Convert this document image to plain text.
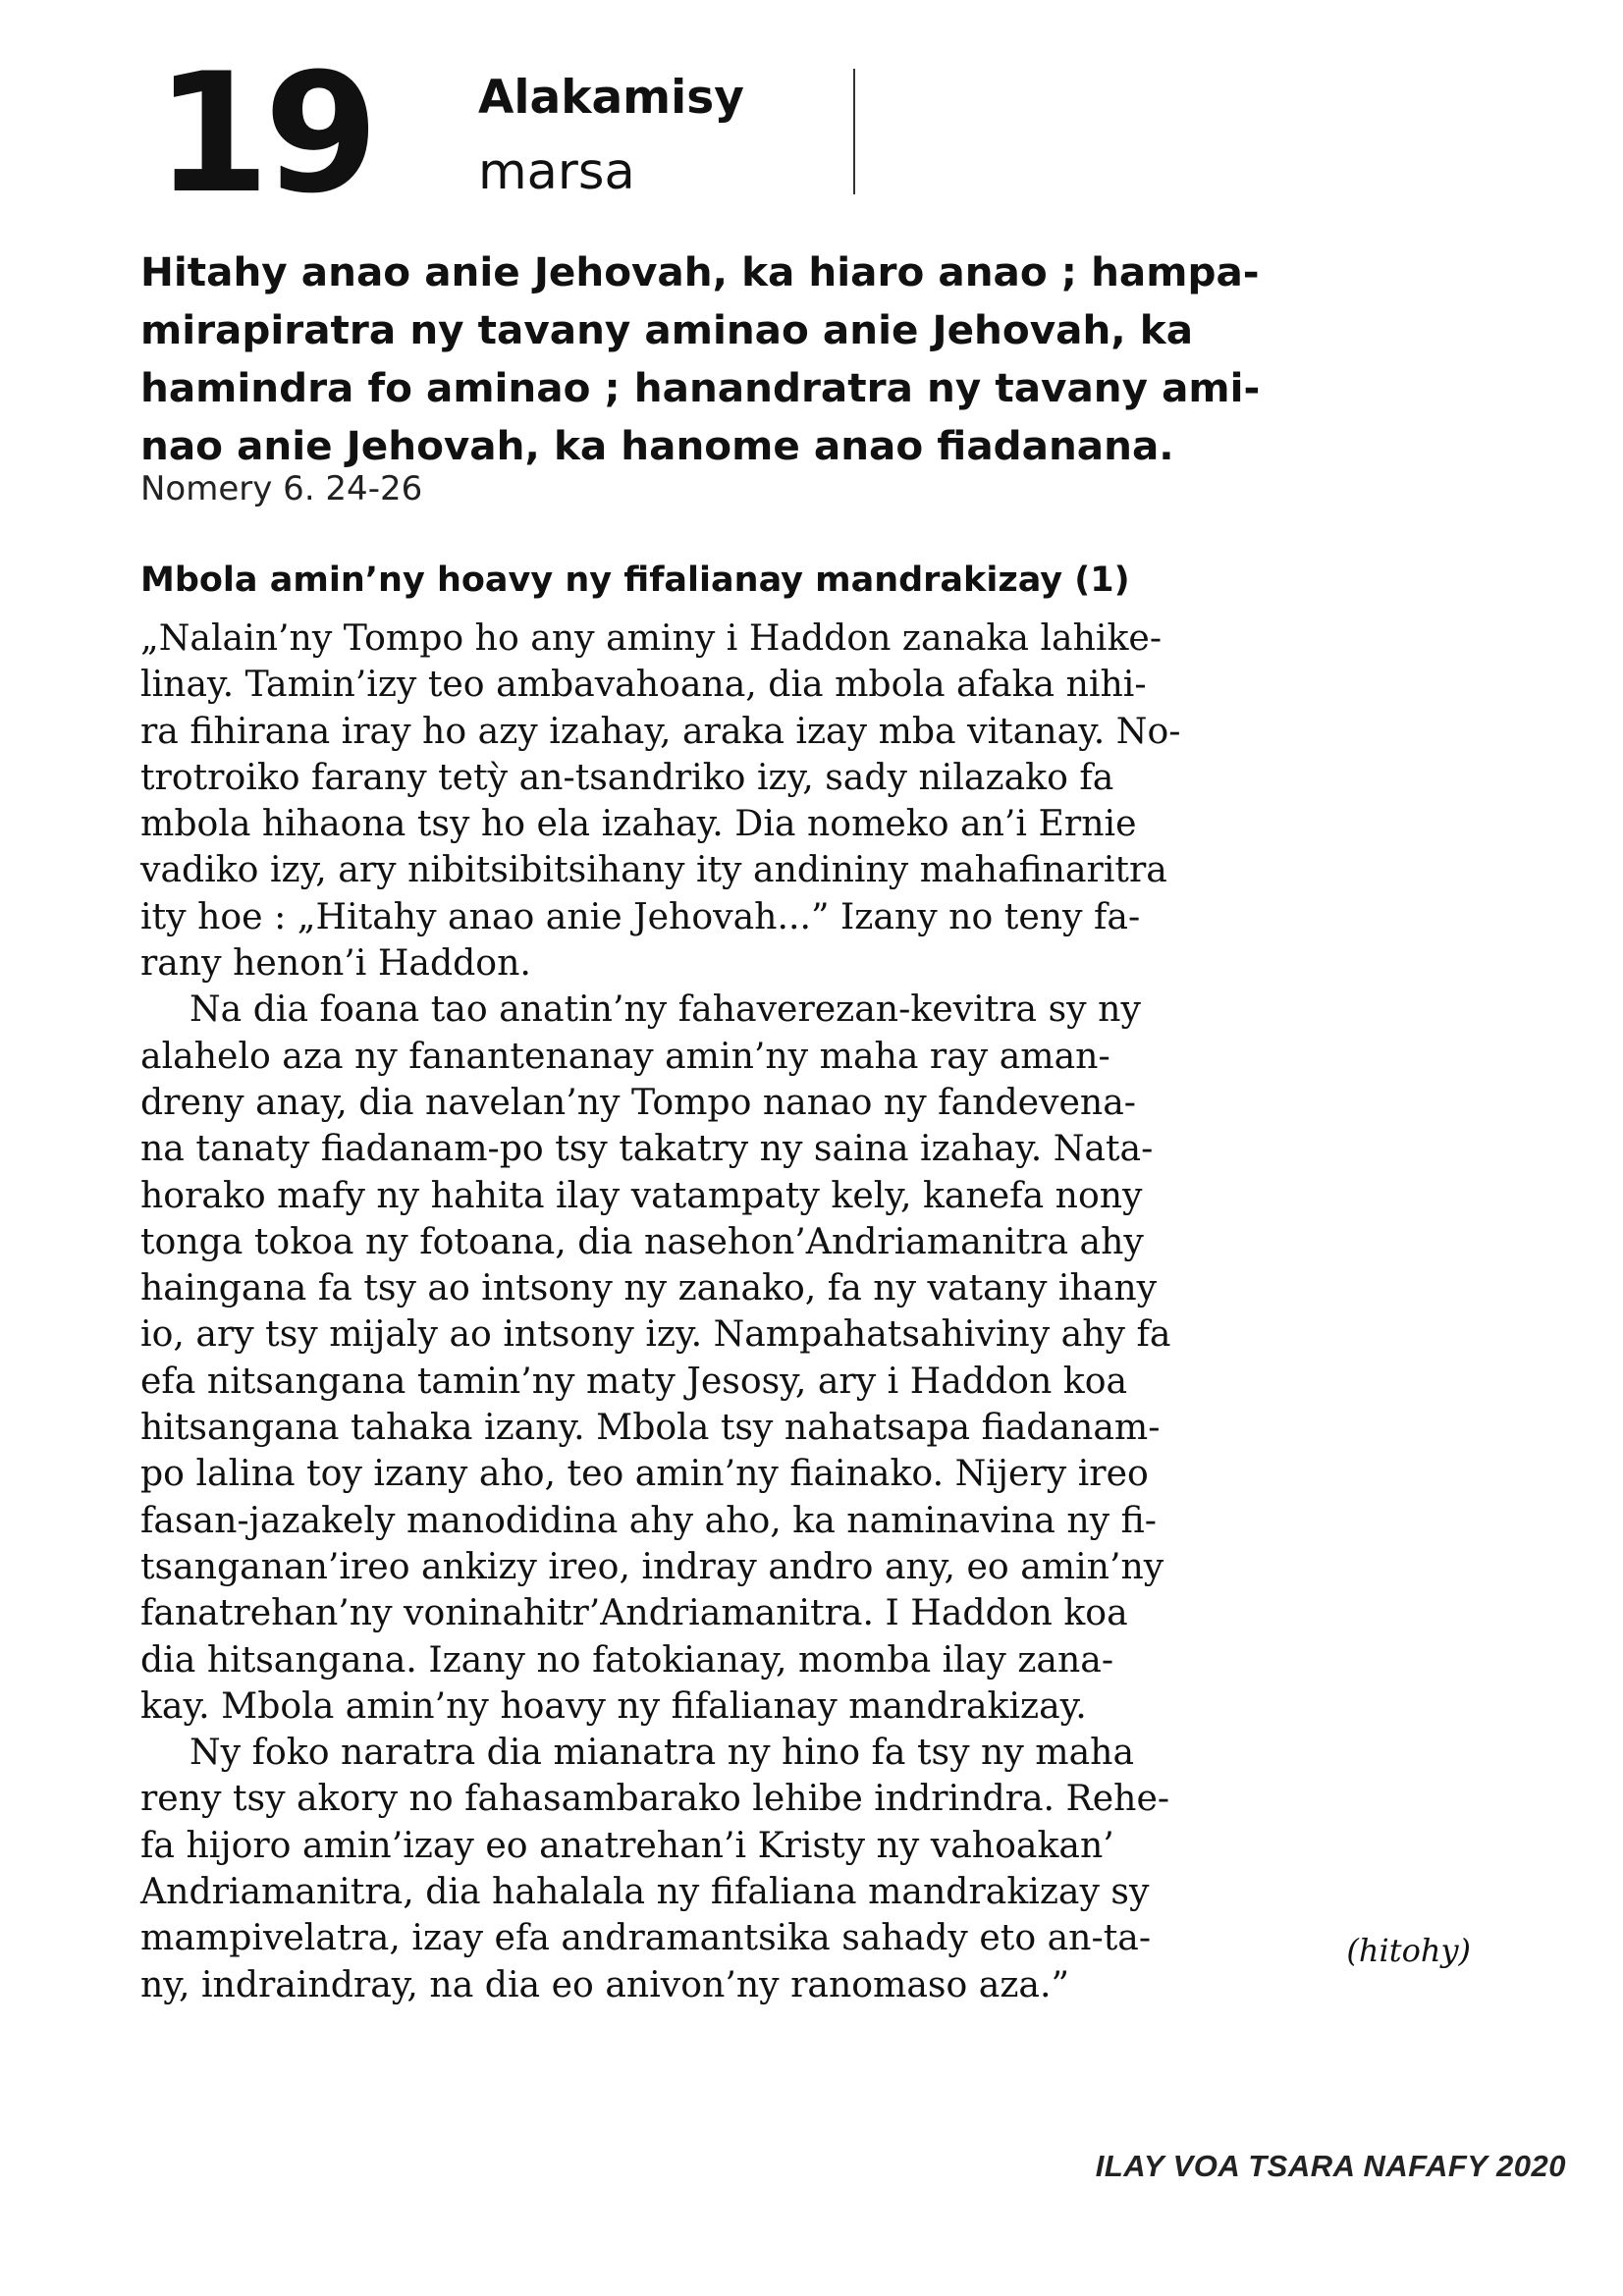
19 Alakamisy
marsa
Hitahy anao anie Jehovah, ka hiaro anao ; hampa-
mirapiratra ny tavany aminao anie Jehovah, ka
hamindra fo aminao ; hanandratra ny tavany ami-
nao anie Jehovah, ka hanome anao fiadanana.
Nomery 6. 24-26
Mbola amin’ny hoavy ny fifalianay mandrakizay (1)
„Nalain’ny Tompo ho any aminy i Haddon zanaka lahike-
linay. Tamin’izy teo ambavahoana, dia mbola afaka nihi-
ra fihirana iray ho azy izahay, araka izay mba vitanay. No-
trotroiko farany tetỳ an-tsandriko izy, sady nilazako fa
mbola hihaona tsy ho ela izahay. Dia nomeko an’i Ernie
vadiko izy, ary nibitsibitsihany ity andininy mahafinaritra
ity hoe : „Hitahy anao anie Jehovah...” Izany no teny fa-
rany henon’i Haddon.
Na dia foana tao anatin’ny fahaverezan-kevitra sy ny
alahelo aza ny fanantenanay amin’ny maha ray aman-
dreny anay, dia navelan’ny Tompo nanao ny fandevena-
na tanaty fiadanam-po tsy takatry ny saina izahay. Nata-
horako mafy ny hahita ilay vatampaty kely, kanefa nony
tonga tokoa ny fotoana, dia nasehon’Andriamanitra ahy
haingana fa tsy ao intsony ny zanako, fa ny vatany ihany
io, ary tsy mijaly ao intsony izy. Nampahatsahiviny ahy fa
efa nitsangana tamin’ny maty Jesosy, ary i Haddon koa
hitsangana tahaka izany. Mbola tsy nahatsapa fiadanam-
po lalina toy izany aho, teo amin’ny fiainako. Nijery ireo
fasan-jazakely manodidina ahy aho, ka naminavina ny fi-
tsanganan’ireo ankizy ireo, indray andro any, eo amin’ny
fanatrehan’ny voninahitr’Andriamanitra. I Haddon koa
dia hitsangana. Izany no fatokianay, momba ilay zana-
kay. Mbola amin’ny hoavy ny fifalianay mandrakizay.
Ny foko naratra dia mianatra ny hino fa tsy ny maha
reny tsy akory no fahasambarako lehibe indrindra. Rehe-
fa hijoro amin’izay eo anatrehan’i Kristy ny vahoakan’
Andriamanitra, dia hahalala ny fifaliana mandrakizay sy
mampivelatra, izay efa andramantsika sahady eto an-ta-
ny, indraindray, na dia eo anivon’ny ranomaso aza.”
(hitohy)
ILAY VOA TSARA NAFAFY 2020
